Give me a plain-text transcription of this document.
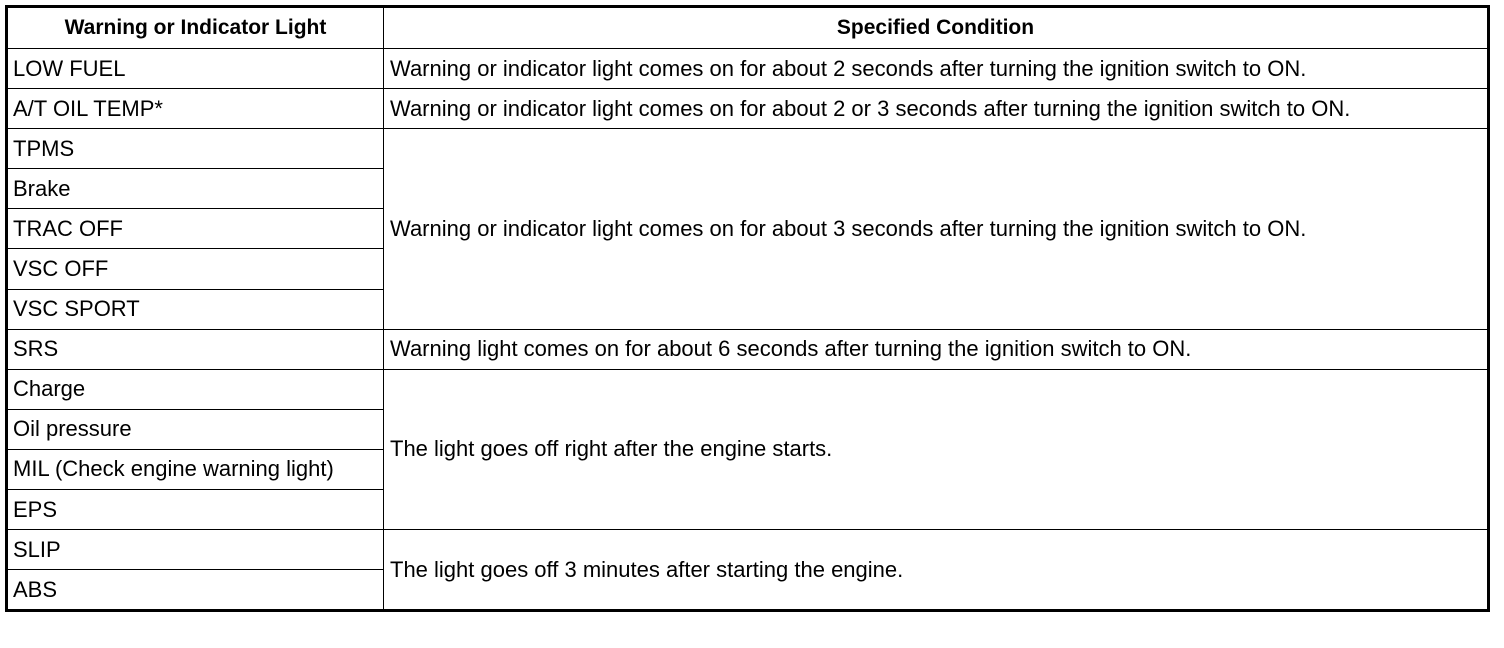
Warning or Indicator Light	Specified Condition
LOW FUEL	Warning or indicator light comes on for about 2 seconds after turning the ignition switch to ON.
A/T OIL TEMP*	Warning or indicator light comes on for about 2 or 3 seconds after turning the ignition switch to ON.
TPMS	Warning or indicator light comes on for about 3 seconds after turning the ignition switch to ON.
Brake	
TRAC OFF	
VSC OFF	
VSC SPORT	
SRS	Warning light comes on for about 6 seconds after turning the ignition switch to ON.
Charge	The light goes off right after the engine starts.
Oil pressure	
MIL (Check engine warning light)	
EPS	
SLIP	The light goes off 3 minutes after starting the engine.
ABS	
